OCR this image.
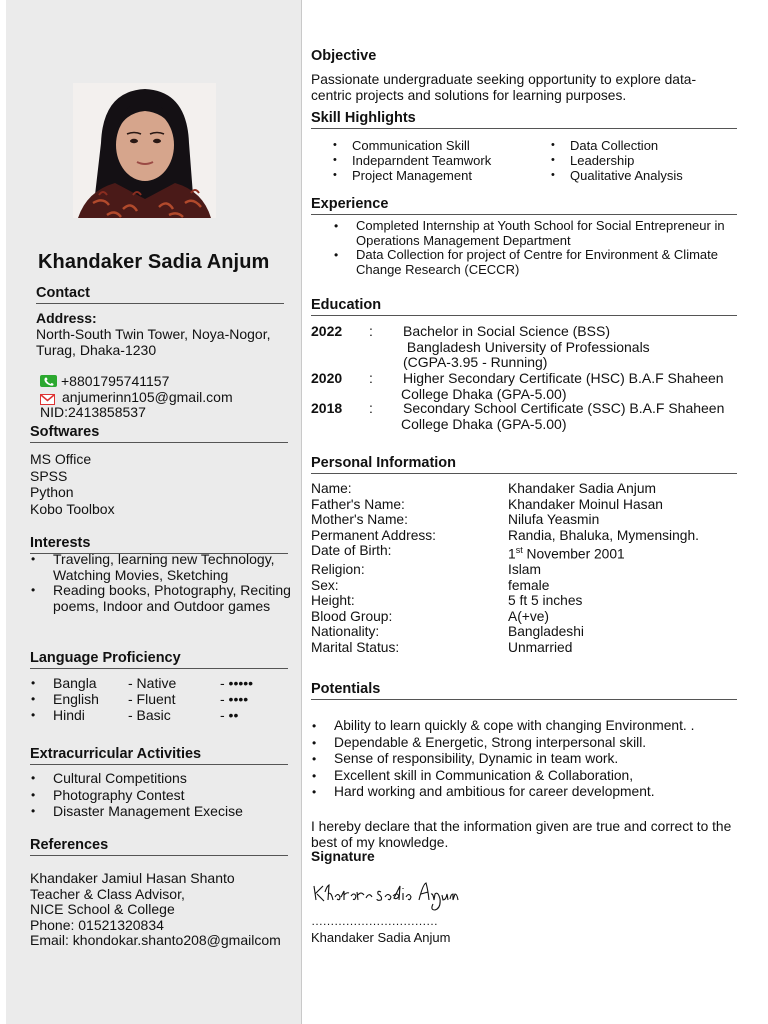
Khandaker Sadia Anjum
Contact
Address:
North-South Twin Tower, Noya-Nogor,
Turag, Dhaka-1230
+8801795741157
anjumerinn105@gmail.com
NID:2413858537
Softwares
MS Office
SPSS
Python
Kobo Toolbox
Interests
• Traveling, learning new Technology, Watching Movies, Sketching
• Reading books, Photography, Reciting poems, Indoor and Outdoor games
Language Proficiency
• Bangla	- Native	- •••••
• English	- Fluent	- ••••
• Hindi	- Basic	- ••
Extracurricular Activities
• Cultural Competitions
• Photography Contest
• Disaster Management Execise
References
Khandaker Jamiul Hasan Shanto
Teacher & Class Advisor,
NICE School & College
Phone: 01521320834
Email: khondokar.shanto208@gmailcom
Objective
Passionate undergraduate seeking opportunity to explore data-centric projects and solutions for learning purposes.
Skill Highlights
• Communication Skill	• Data Collection
• Indeparndent Teamwork	• Leadership
• Project Management	• Qualitative Analysis
Experience
• Completed Internship at Youth School for Social Entrepreneur in Operations Management Department
• Data Collection for project of Centre for Environment & Climate Change Research (CECCR)
Education
2022 : Bachelor in Social Science (BSS)
Bangladesh University of Professionals
(CGPA-3.95 - Running)
2020 : Higher Secondary Certificate (HSC) B.A.F Shaheen
College Dhaka (GPA-5.00)
2018 : Secondary School Certificate (SSC) B.A.F Shaheen
College Dhaka (GPA-5.00)
Personal Information
Name:	Khandaker Sadia Anjum
Father's Name:	Khandaker Moinul Hasan
Mother's Name:	Nilufa Yeasmin
Permanent Address:	Randia, Bhaluka, Mymensingh.
Date of Birth:	1st November 2001
Religion:	Islam
Sex:	female
Height:	5 ft 5 inches
Blood Group:	A(+ve)
Nationality:	Bangladeshi
Marital Status:	Unmarried
Potentials
• Ability to learn quickly & cope with changing Environment. .
• Dependable & Energetic, Strong interpersonal skill.
• Sense of responsibility, Dynamic in team work.
• Excellent skill in Communication & Collaboration,
• Hard working and ambitious for career development.
I hereby declare that the information given are true and correct to the best of my knowledge.
Signature
……………………………
Khandaker Sadia Anjum
